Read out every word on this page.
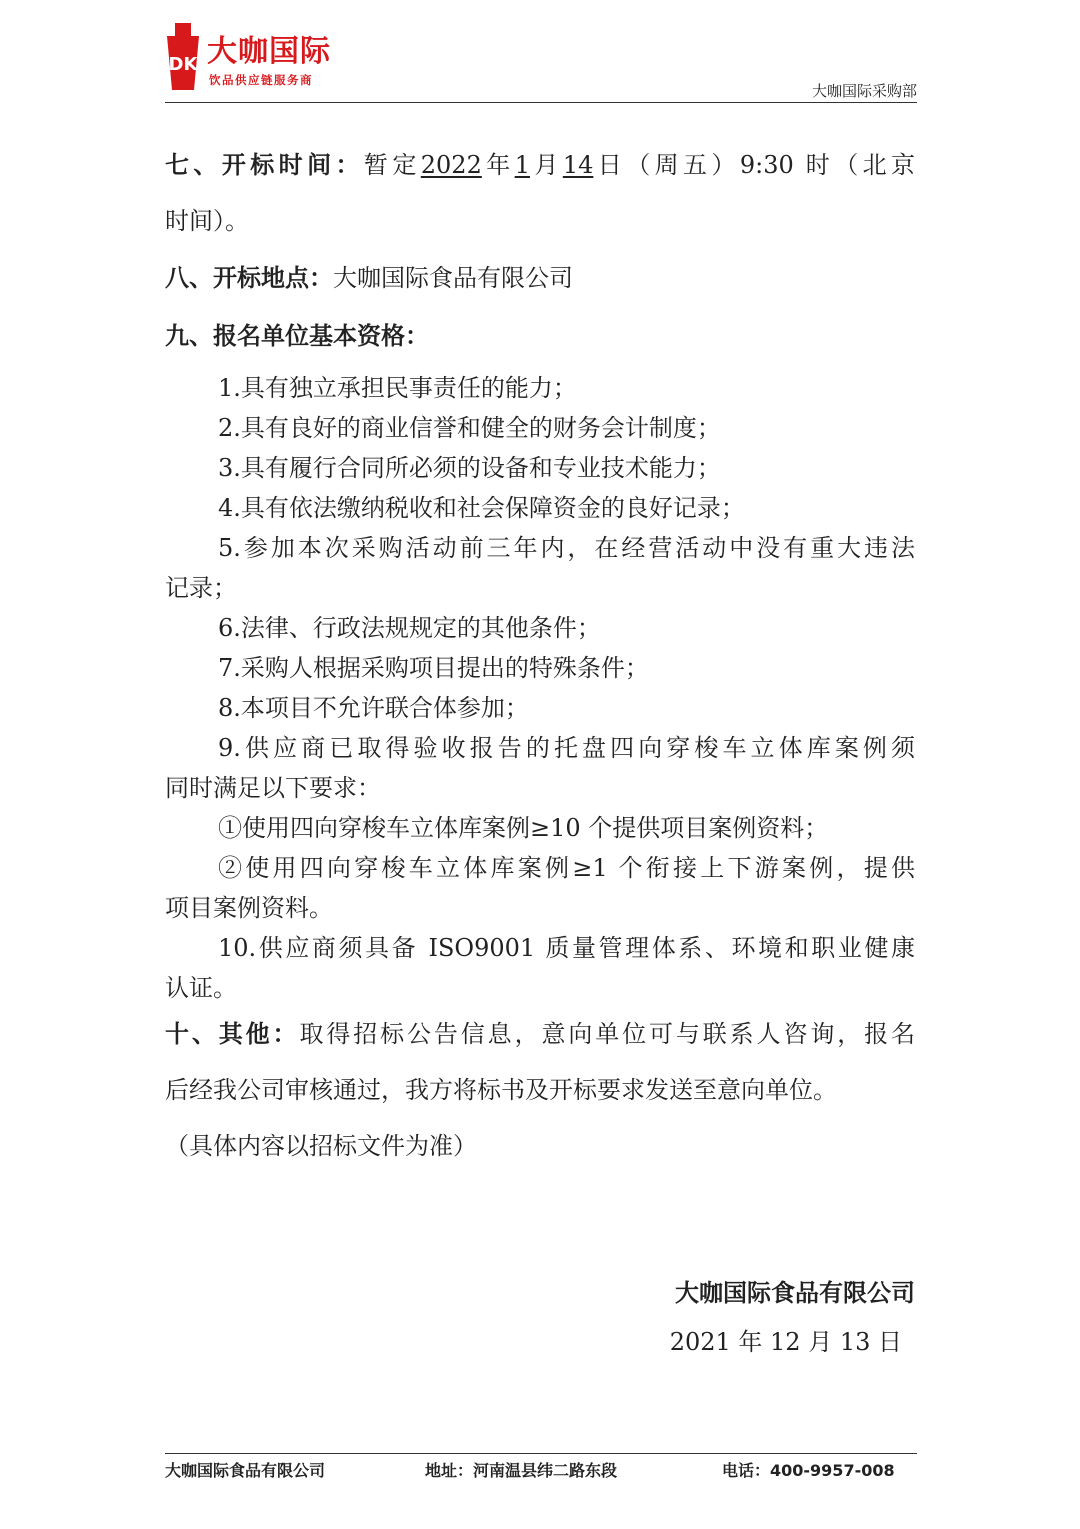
DK 大咖国际
饮品供应链服务商
大咖国际采购部
七、开标时间：暂定2022年1月14日（周五）9:30 时（北京
时间）。
八、开标地点：大咖国际食品有限公司
九、报名单位基本资格：
1.具有独立承担民事责任的能力；
2.具有良好的商业信誉和健全的财务会计制度；
3.具有履行合同所必须的设备和专业技术能力；
4.具有依法缴纳税收和社会保障资金的良好记录；
5.参加本次采购活动前三年内，在经营活动中没有重大违法
记录；
6.法律、行政法规规定的其他条件；
7.采购人根据采购项目提出的特殊条件；
8.本项目不允许联合体参加；
9.供应商已取得验收报告的托盘四向穿梭车立体库案例须
同时满足以下要求：
①使用四向穿梭车立体库案例≥10 个提供项目案例资料；
②使用四向穿梭车立体库案例≥1 个衔接上下游案例，提供
项目案例资料。
10.供应商须具备 ISO9001 质量管理体系、环境和职业健康
认证。
十、其他：取得招标公告信息，意向单位可与联系人咨询，报名
后经我公司审核通过，我方将标书及开标要求发送至意向单位。
（具体内容以招标文件为准）
大咖国际食品有限公司
2021 年 12 月 13 日
大咖国际食品有限公司	地址：河南温县纬二路东段	电话：400-9957-008
